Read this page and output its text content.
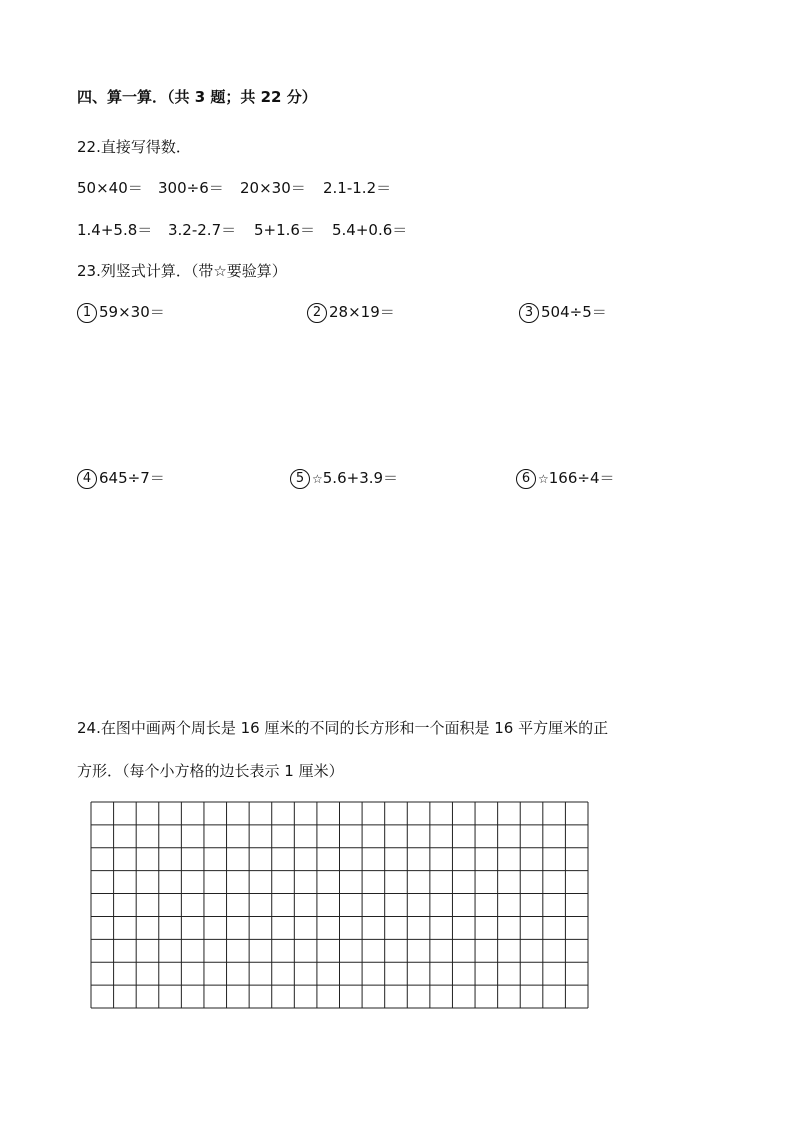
四、算一算．（共 3 题；共 22 分）
22.直接写得数．
50×40＝ 300÷6＝ 20×30＝ 2.1-1.2＝
1.4+5.8＝ 3.2-2.7＝ 5+1.6＝ 5.4+0.6＝
23.列竖式计算．（带☆要验算）
1 59×30＝	2 28×19＝	3 504÷5＝
4 645÷7＝	5 ☆5.6+3.9＝	6 ☆166÷4＝
24.在图中画两个周长是 16 厘米的不同的长方形和一个面积是 16 平方厘米的正
方形．（每个小方格的边长表示 1 厘米）
